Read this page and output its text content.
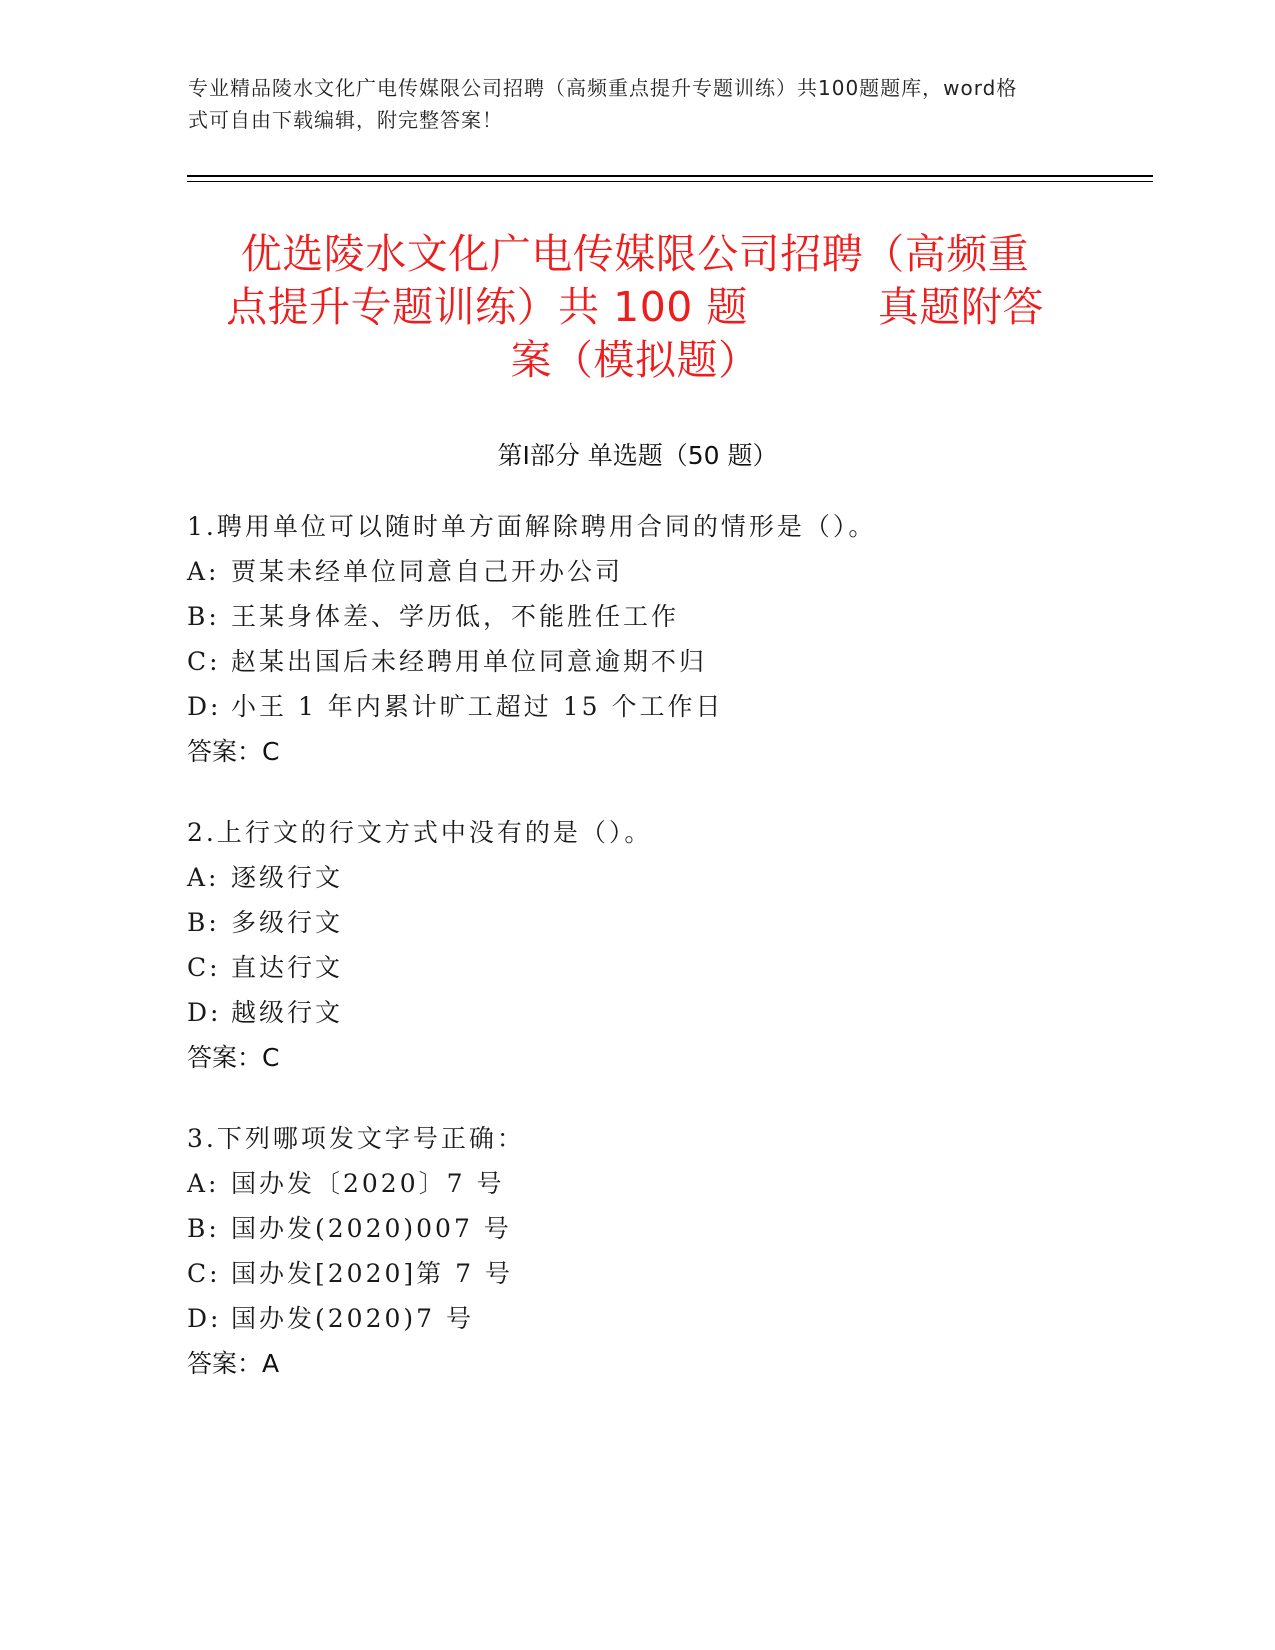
专业精品陵水文化广电传媒限公司招聘（高频重点提升专题训练）共100题题库，word格式可自由下载编辑，附完整答案！
优选陵水文化广电传媒限公司招聘（高频重
点提升专题训练）共 100 题	真题附答
案（模拟题）
第Ⅰ部分 单选题（50 题）
1.聘用单位可以随时单方面解除聘用合同的情形是（）。
A: 贾某未经单位同意自己开办公司
B: 王某身体差、学历低，不能胜任工作
C: 赵某出国后未经聘用单位同意逾期不归
D: 小王 1 年内累计旷工超过 15 个工作日
答案：C
2.上行文的行文方式中没有的是（）。
A: 逐级行文
B: 多级行文
C: 直达行文
D: 越级行文
答案：C
3.下列哪项发文字号正确：
A: 国办发〔2020〕7 号
B: 国办发(2020)007 号
C: 国办发[2020]第 7 号
D: 国办发(2020)7 号
答案：A
